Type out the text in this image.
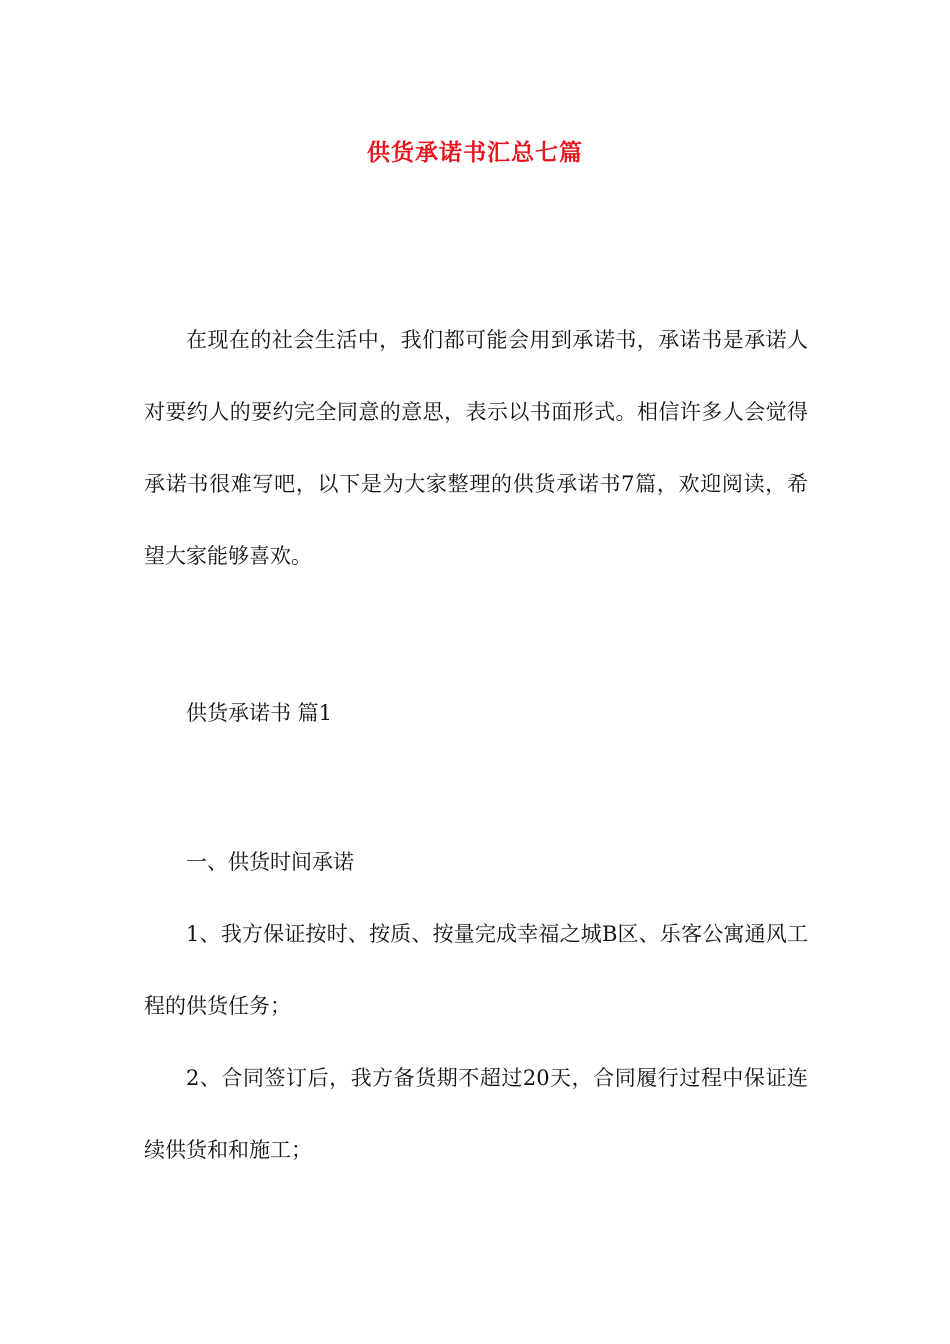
供货承诺书汇总七篇

在现在的社会生活中，我们都可能会用到承诺书，承诺书是承诺人对要约人的要约完全同意的意思，表示以书面形式。相信许多人会觉得承诺书很难写吧，以下是为大家整理的供货承诺书7篇，欢迎阅读，希望大家能够喜欢。

供货承诺书 篇1

一、供货时间承诺

1、我方保证按时、按质、按量完成幸福之城B区、乐客公寓通风工程的供货任务；

2、合同签订后，我方备货期不超过20天，合同履行过程中保证连续供货和和施工；
